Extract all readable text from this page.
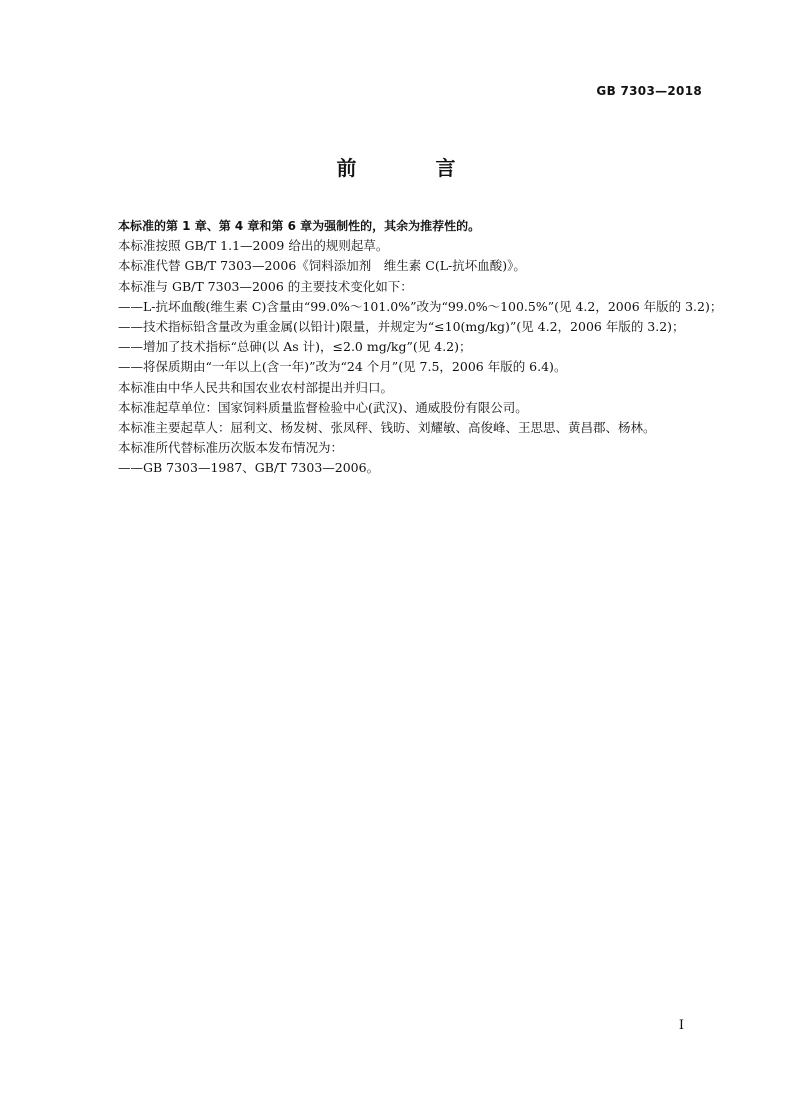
GB 7303—2018
前 言
本标准的第 1 章、第 4 章和第 6 章为强制性的，其余为推荐性的。
本标准按照 GB/T 1.1—2009 给出的规则起草。
本标准代替 GB/T 7303—2006《饲料添加剂　维生素 C(L-抗坏血酸)》。
本标准与 GB/T 7303—2006 的主要技术变化如下：
——L-抗坏血酸(维生素 C)含量由“99.0%～101.0%”改为“99.0%～100.5%”(见 4.2，2006 年版的 3.2)；
——技术指标铅含量改为重金属(以铅计)限量，并规定为“≤10(mg/kg)”(见 4.2，2006 年版的 3.2)；
——增加了技术指标“总砷(以 As 计)，≤2.0 mg/kg”(见 4.2)；
——将保质期由“一年以上(含一年)”改为“24 个月”(见 7.5，2006 年版的 6.4)。
本标准由中华人民共和国农业农村部提出并归口。
本标准起草单位：国家饲料质量监督检验中心(武汉)、通威股份有限公司。
本标准主要起草人：屈利文、杨发树、张凤秤、钱昉、刘耀敏、高俊峰、王思思、黄昌郡、杨林。
本标准所代替标准历次版本发布情况为：
——GB 7303—1987、GB/T 7303—2006。
I
